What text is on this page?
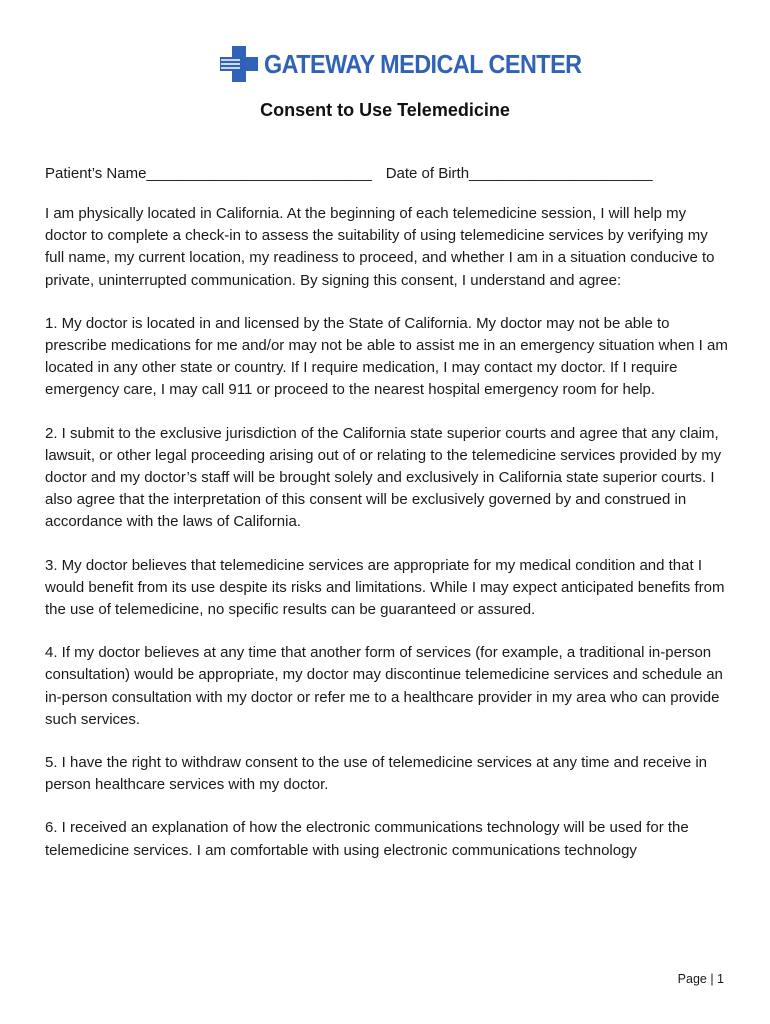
GATEWAY MEDICAL CENTER
Consent to Use Telemedicine
Patient’s Name___________________________ Date of Birth______________________

I am physically located in California. At the beginning of each telemedicine session, I will help my doctor to complete a check-in to assess the suitability of using telemedicine services by verifying my full name, my current location, my readiness to proceed, and whether I am in a situation conducive to private, uninterrupted communication. By signing this consent, I understand and agree:

1. My doctor is located in and licensed by the State of California. My doctor may not be able to prescribe medications for me and/or may not be able to assist me in an emergency situation when I am located in any other state or country. If I require medication, I may contact my doctor. If I require emergency care, I may call 911 or proceed to the nearest hospital emergency room for help.

2. I submit to the exclusive jurisdiction of the California state superior courts and agree that any claim, lawsuit, or other legal proceeding arising out of or relating to the telemedicine services provided by my doctor and my doctor’s staff will be brought solely and exclusively in California state superior courts. I also agree that the interpretation of this consent will be exclusively governed by and construed in accordance with the laws of California.

3. My doctor believes that telemedicine services are appropriate for my medical condition and that I would benefit from its use despite its risks and limitations. While I may expect anticipated benefits from the use of telemedicine, no specific results can be guaranteed or assured.

4. If my doctor believes at any time that another form of services (for example, a traditional in-person consultation) would be appropriate, my doctor may discontinue telemedicine services and schedule an in-person consultation with my doctor or refer me to a healthcare provider in my area who can provide such services.

5. I have the right to withdraw consent to the use of telemedicine services at any time and receive in person healthcare services with my doctor.

6. I received an explanation of how the electronic communications technology will be used for the telemedicine services. I am comfortable with using electronic communications technology

Page | 1
